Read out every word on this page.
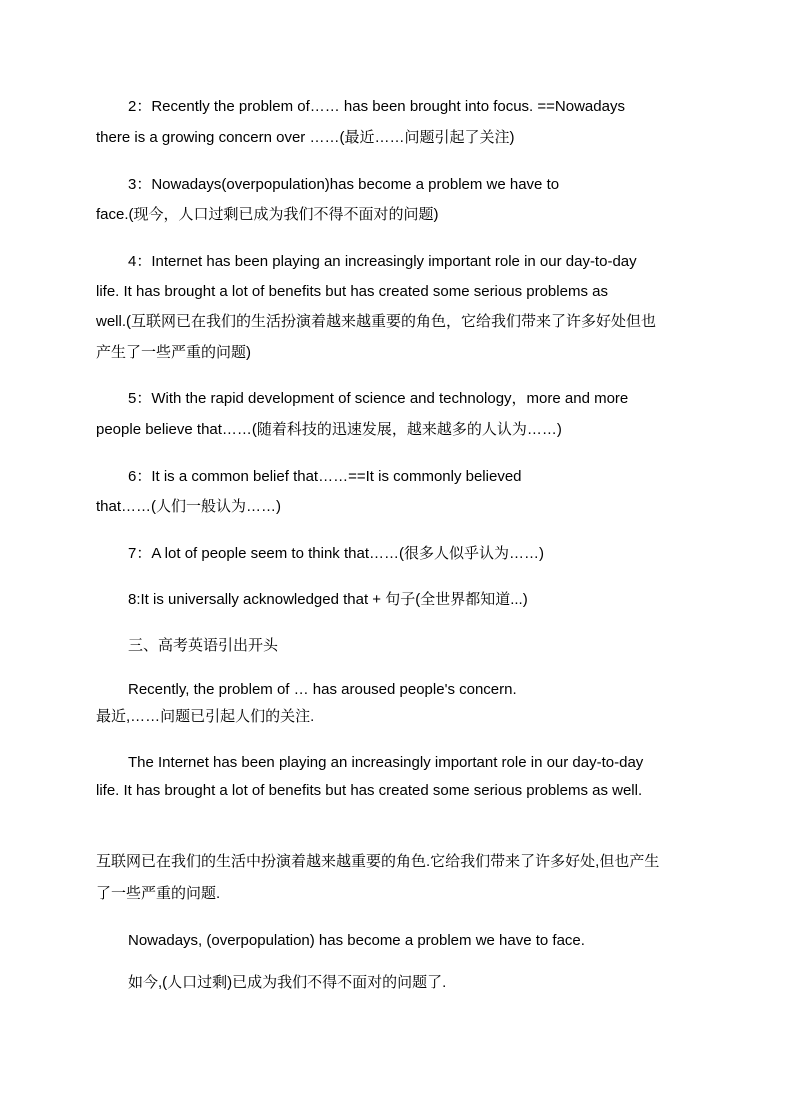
2：Recently the problem of…… has been brought into focus. ==Nowadays
there is a growing concern over ……(最近……问题引起了关注)
3：Nowadays(overpopulation)has become a problem we have to
face.(现今，人口过剩已成为我们不得不面对的问题)
4：Internet has been playing an increasingly important role in our day-to-day
life. It has brought a lot of benefits but has created some serious problems as
well.(互联网已在我们的生活扮演着越来越重要的角色，它给我们带来了许多好处但也
产生了一些严重的问题)
5：With the rapid development of science and technology，more and more
people believe that……(随着科技的迅速发展，越来越多的人认为……)
6：It is a common belief that……==It is commonly believed
that……(人们一般认为……)
7：A lot of people seem to think that……(很多人似乎认为……)
8:It is universally acknowledged that + 句子(全世界都知道...)
三、高考英语引出开头
Recently, the problem of … has aroused people's concern.
最近,……问题已引起人们的关注.
The Internet has been playing an increasingly important role in our day-to-day
life. It has brought a lot of benefits but has created some serious problems as well.
互联网已在我们的生活中扮演着越来越重要的角色.它给我们带来了许多好处,但也产生
了一些严重的问题.
Nowadays, (overpopulation) has become a problem we have to face.
如今,(人口过剩)已成为我们不得不面对的问题了.
